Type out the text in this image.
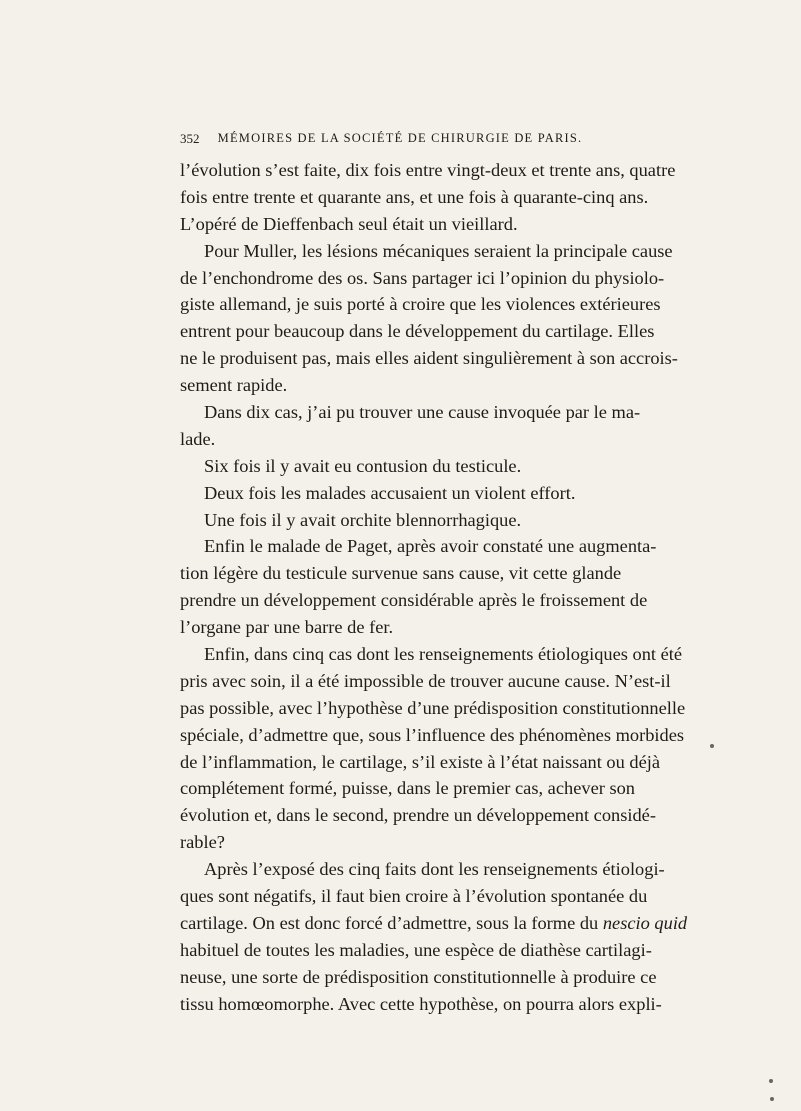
352	MÉMOIRES DE LA SOCIÉTÉ DE CHIRURGIE DE PARIS.
l’évolution s’est faite, dix fois entre vingt-deux et trente ans, quatre
fois entre trente et quarante ans, et une fois à quarante-cinq ans.
L’opéré de Dieffenbach seul était un vieillard.
Pour Muller, les lésions mécaniques seraient la principale cause
de l’enchondrome des os. Sans partager ici l’opinion du physiolo-
giste allemand, je suis porté à croire que les violences extérieures
entrent pour beaucoup dans le développement du cartilage. Elles
ne le produisent pas, mais elles aident singulièrement à son accrois-
sement rapide.
Dans dix cas, j’ai pu trouver une cause invoquée par le ma-
lade.
Six fois il y avait eu contusion du testicule.
Deux fois les malades accusaient un violent effort.
Une fois il y avait orchite blennorrhagique.
Enfin le malade de Paget, après avoir constaté une augmenta-
tion légère du testicule survenue sans cause, vit cette glande
prendre un développement considérable après le froissement de
l’organe par une barre de fer.
Enfin, dans cinq cas dont les renseignements étiologiques ont été
pris avec soin, il a été impossible de trouver aucune cause. N’est-il
pas possible, avec l’hypothèse d’une prédisposition constitutionnelle
spéciale, d’admettre que, sous l’influence des phénomènes morbides
de l’inflammation, le cartilage, s’il existe à l’état naissant ou déjà
complétement formé, puisse, dans le premier cas, achever son
évolution et, dans le second, prendre un développement considé-
rable?
Après l’exposé des cinq faits dont les renseignements étiologi-
ques sont négatifs, il faut bien croire à l’évolution spontanée du
cartilage. On est donc forcé d’admettre, sous la forme du nescio quid
habituel de toutes les maladies, une espèce de diathèse cartilagi-
neuse, une sorte de prédisposition constitutionnelle à produire ce
tissu homœomorphe. Avec cette hypothèse, on pourra alors expli-
